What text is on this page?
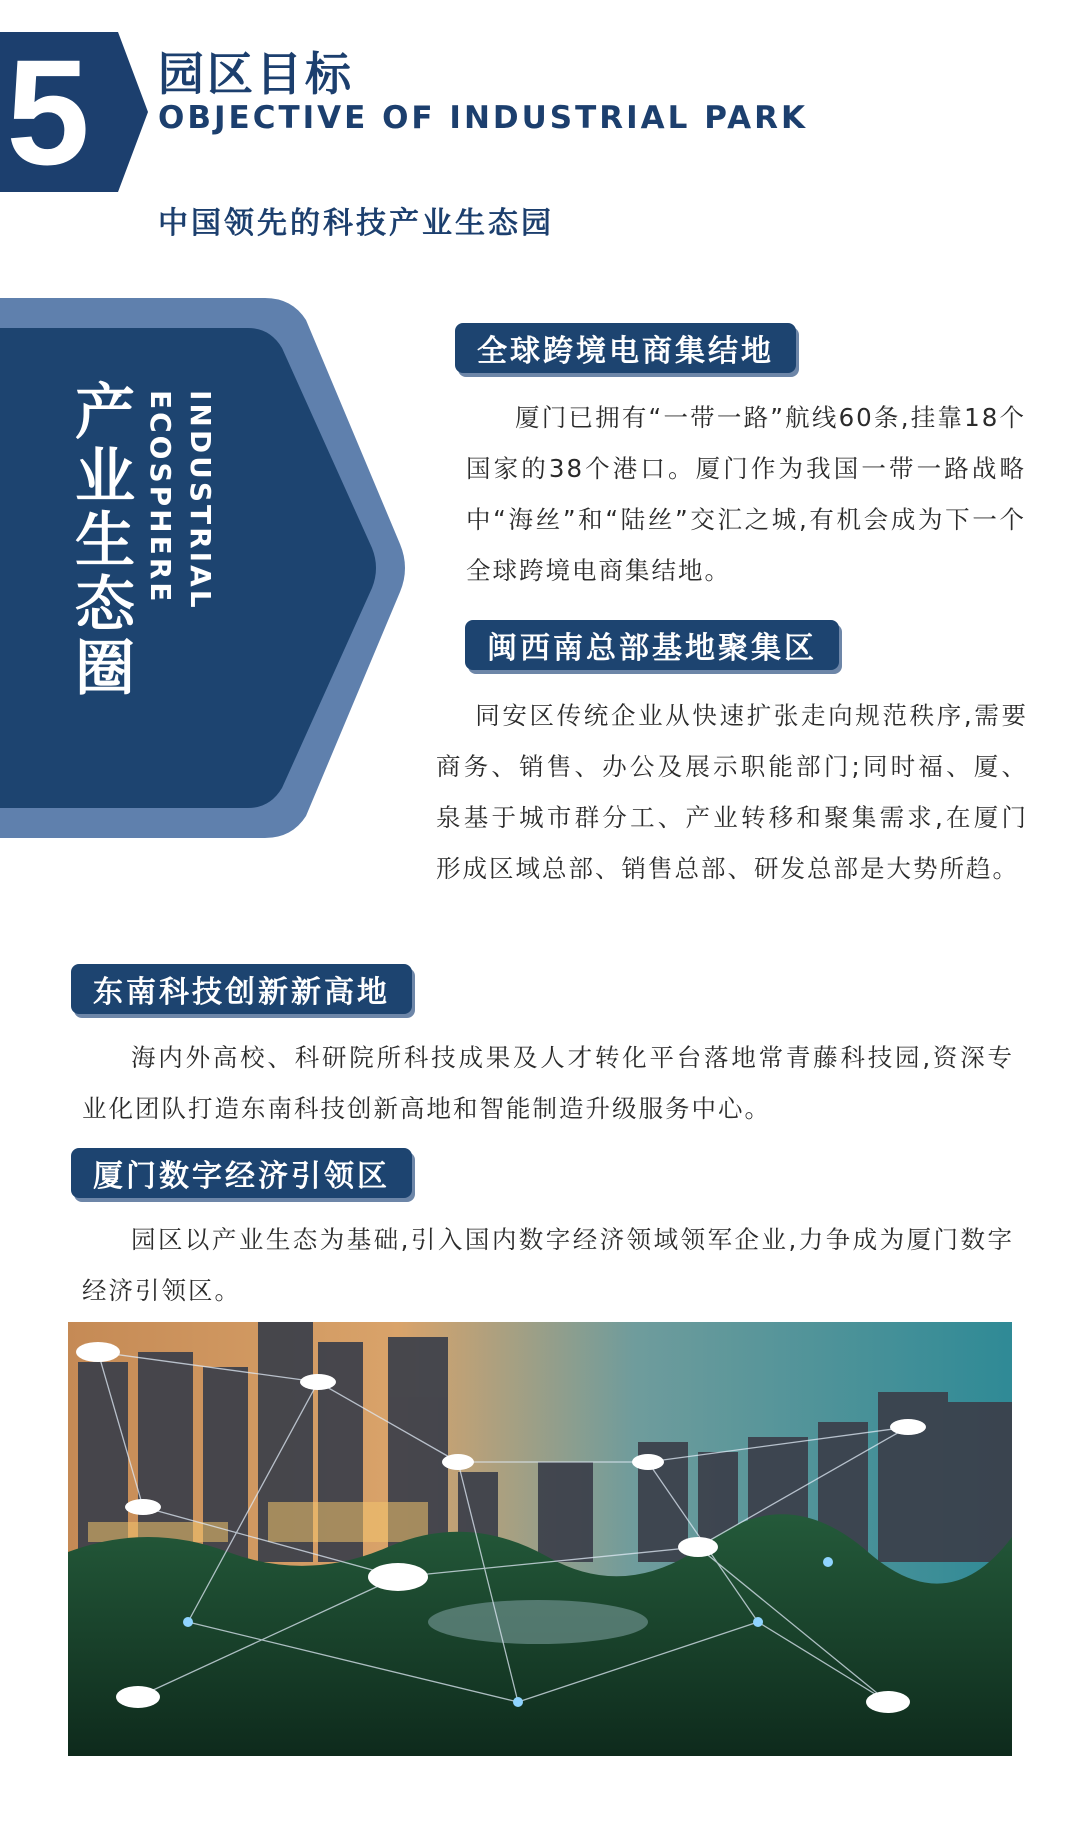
5 园区目标
OBJECTIVE OF INDUSTRIAL PARK
中国领先的科技产业生态园
产业生态圈	INDUSTRIAL
ECOSPHERE
全球跨境电商集结地
厦门已拥有“一带一路”航线60条,挂靠18个国家的38个港口。厦门作为我国一带一路战略中“海丝”和“陆丝”交汇之城,有机会成为下一个全球跨境电商集结地。
闽西南总部基地聚集区
同安区传统企业从快速扩张走向规范秩序,需要商务、销售、办公及展示职能部门;同时福、厦、泉基于城市群分工、产业转移和聚集需求,在厦门形成区域总部、销售总部、研发总部是大势所趋。
东南科技创新新高地
海内外高校、科研院所科技成果及人才转化平台落地常青藤科技园,资深专业化团队打造东南科技创新高地和智能制造升级服务中心。
厦门数字经济引领区
园区以产业生态为基础,引入国内数字经济领域领军企业,力争成为厦门数字经济引领区。
